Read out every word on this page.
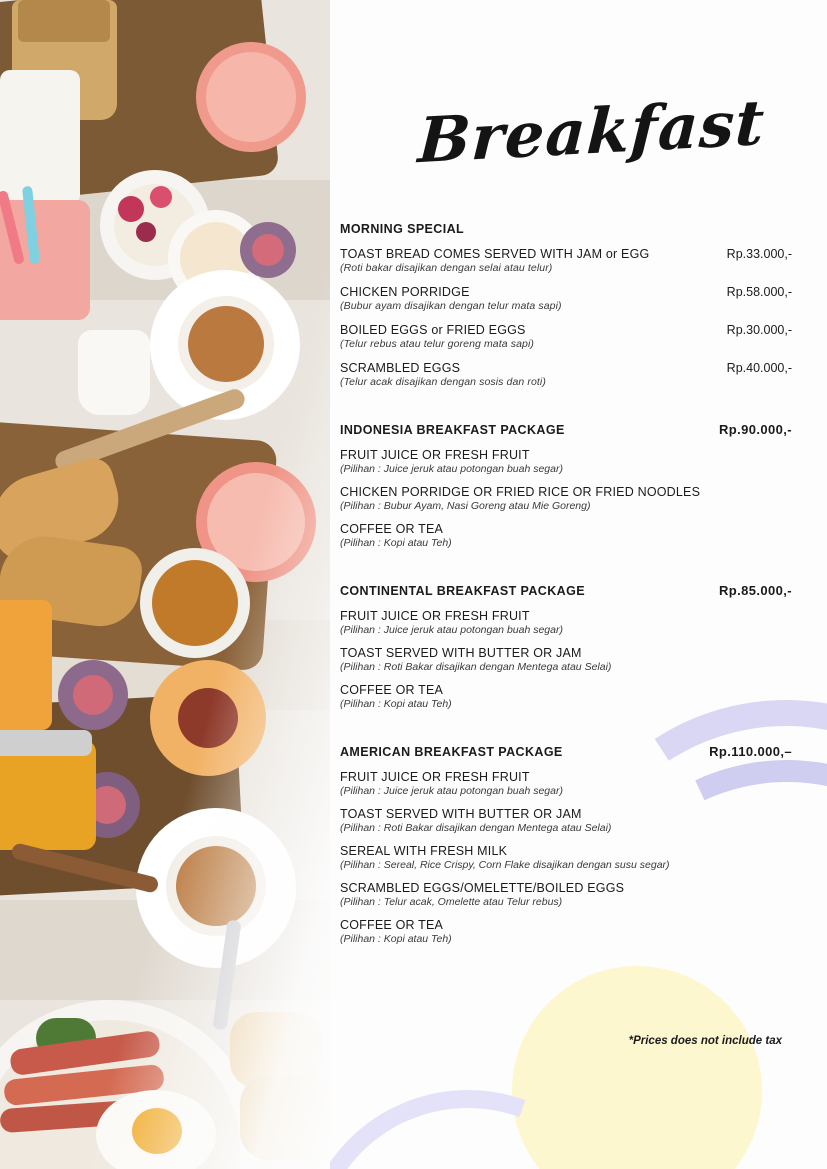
Breakfast
MORNING SPECIAL
TOAST BREAD COMES SERVED WITH JAM or EGG	Rp.33.000,-
(Roti bakar disajikan dengan selai atau telur)
CHICKEN PORRIDGE	Rp.58.000,-
(Bubur ayam disajikan dengan telur mata sapi)
BOILED EGGS or FRIED EGGS	Rp.30.000,-
(Telur rebus atau telur goreng mata sapi)
SCRAMBLED EGGS	Rp.40.000,-
(Telur acak disajikan dengan sosis dan roti)
INDONESIA BREAKFAST PACKAGE	Rp.90.000,-
FRUIT JUICE OR FRESH FRUIT
(Pilihan : Juice jeruk atau potongan buah segar)
CHICKEN PORRIDGE OR FRIED RICE OR FRIED NOODLES
(Pilihan : Bubur Ayam, Nasi Goreng atau Mie Goreng)
COFFEE OR TEA
(Pilihan : Kopi atau Teh)
CONTINENTAL BREAKFAST PACKAGE	Rp.85.000,-
FRUIT JUICE OR FRESH FRUIT
(Pilihan : Juice jeruk atau potongan buah segar)
TOAST SERVED WITH BUTTER OR JAM
(Pilihan : Roti Bakar disajikan dengan Mentega atau Selai)
COFFEE OR TEA
(Pilihan : Kopi atau Teh)
AMERICAN BREAKFAST PACKAGE	Rp.110.000,–
FRUIT JUICE OR FRESH FRUIT
(Pilihan : Juice jeruk atau potongan buah segar)
TOAST SERVED WITH BUTTER OR JAM
(Pilihan : Roti Bakar disajikan dengan Mentega atau Selai)
SEREAL WITH FRESH MILK
(Pilihan : Sereal, Rice Crispy, Corn Flake disajikan dengan susu segar)
SCRAMBLED EGGS/OMELETTE/BOILED EGGS
(Pilihan : Telur acak, Omelette atau Telur rebus)
COFFEE OR TEA
(Pilihan : Kopi atau Teh)
*Prices does not include tax
